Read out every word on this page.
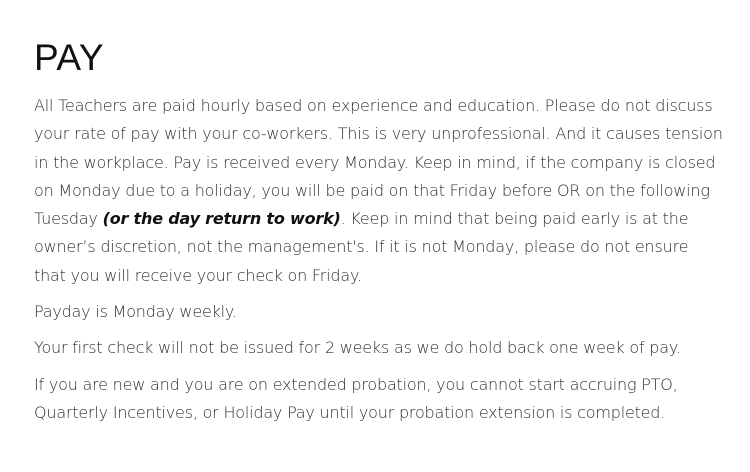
PAY

All Teachers are paid hourly based on experience and education. Please do not discuss your rate of pay with your co-workers. This is very unprofessional. And it causes tension in the workplace. Pay is received every Monday. Keep in mind, if the company is closed on Monday due to a holiday, you will be paid on that Friday before OR on the following Tuesday (or the day return to work). Keep in mind that being paid early is at the owner’s discretion, not the management's. If it is not Monday, please do not ensure that you will receive your check on Friday.

Payday is Monday weekly.

Your first check will not be issued for 2 weeks as we do hold back one week of pay.

If you are new and you are on extended probation, you cannot start accruing PTO, Quarterly Incentives, or Holiday Pay until your probation extension is completed.
